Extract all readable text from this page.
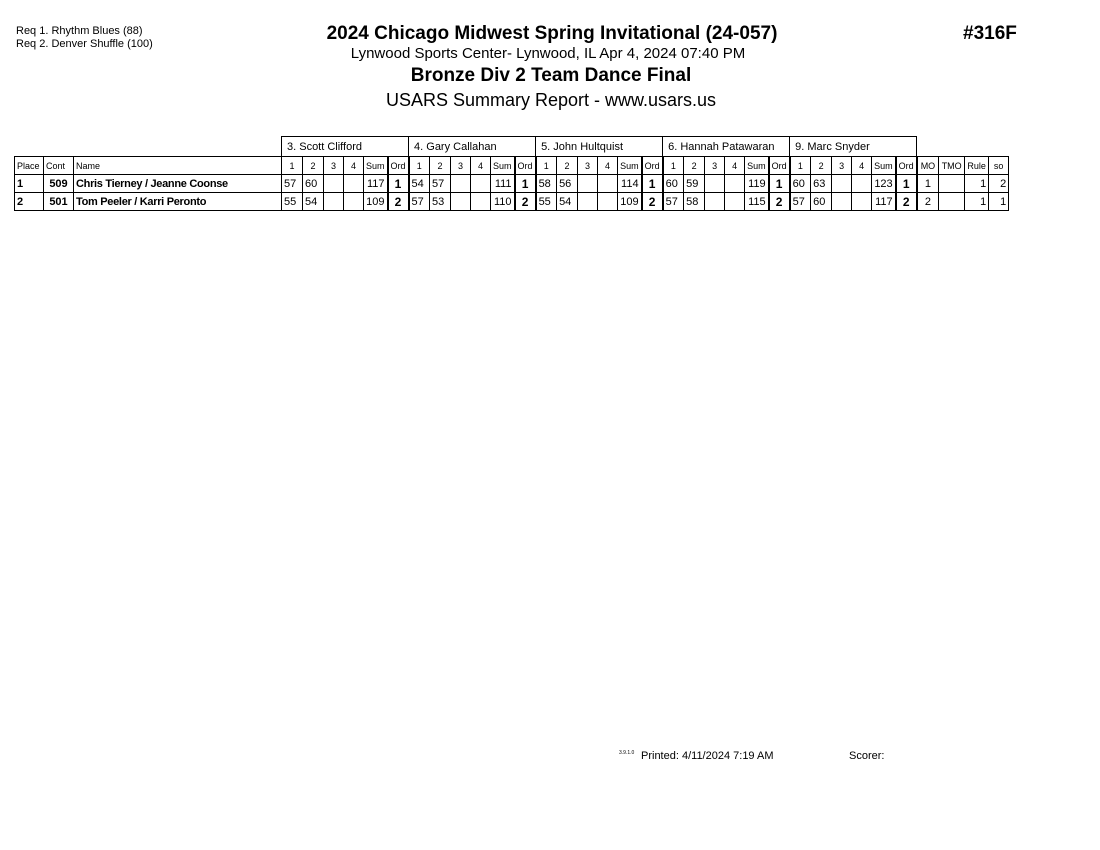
Req 1. Rhythm Blues (88)
Req 2. Denver Shuffle (100)	2024 Chicago Midwest Spring Invitational (24-057)
Lynwood Sports Center- Lynwood, IL Apr 4, 2024 07:40 PM
Bronze Div 2 Team Dance Final
USARS Summary Report - www.usars.us
#316F
			3. Scott Clifford						4. Gary Callahan						5. John Hultquist						6. Hannah Patawaran						9. Marc Snyder									
Place	Cont	Name	1	2	3	4	Sum	Ord	1	2	3	4	Sum	Ord	1	2	3	4	Sum	Ord	1	2	3	4	Sum	Ord	1	2	3	4	Sum	Ord	MO	TMO	Rule	so
1	509	Chris Tierney / Jeanne Coonse	57	60			117	1	54	57			111	1	58	56			114	1	60	59			119	1	60	63			123	1	1		1	2
2	501	Tom Peeler / Karri Peronto	55	54			109	2	57	53			110	2	55	54			109	2	57	58			115	2	57	60			117	2	2		1	1
3.9.1.0 Printed: 4/11/2024 7:19 AM	Scorer:
